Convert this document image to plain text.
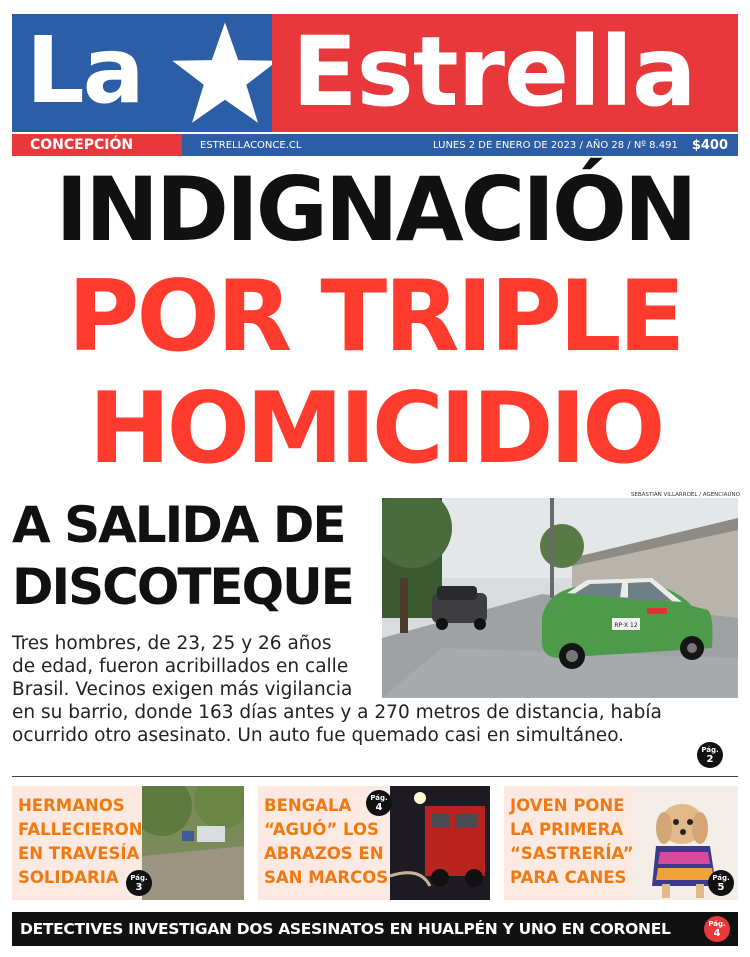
La Estrella
CONCEPCIÓN	ESTRELLACONCE.CL	LUNES 2 DE ENERO DE 2023 / AÑO 28 / Nº 8.491 $400
INDIGNACIÓN
POR TRIPLE
HOMICIDIO
A SALIDA DE
DISCOTEQUE
SEBASTIÁN VILLARROEL / AGENCIAUNO
RP·X 12
Tres hombres, de 23, 25 y 26 años
de edad, fueron acribillados en calle
Brasil. Vecinos exigen más vigilancia
en su barrio, donde 163 días antes y a 270 metros de distancia, había
ocurrido otro asesinato. Un auto fue quemado casi en simultáneo.
Pág.
2
HERMANOS
FALLECIERON
EN TRAVESÍA
SOLIDARIA	Pág.
3
BENGALA
“AGUÓ” LOS
ABRAZOS EN
SAN MARCOS
Pág.
4	JOVEN PONE
LA PRIMERA
“SASTRERÍA”
PARA CANES	Pág.
5
DETECTIVES INVESTIGAN DOS ASESINATOS EN HUALPÉN Y UNO EN CORONEL	Pág.
4
